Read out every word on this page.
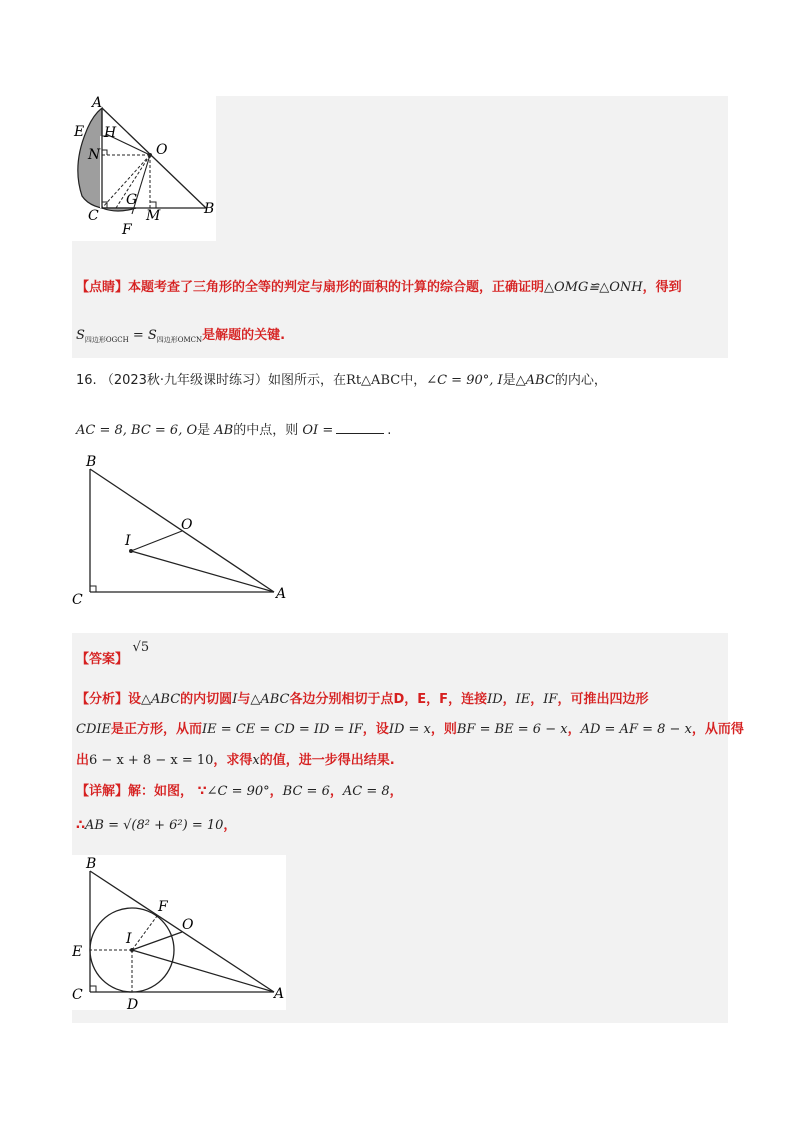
A
E H
N	O
G
C	M	B
F
【点睛】本题考查了三角形的全等的判定与扇形的面积的计算的综合题，正确证明△OMG≌△ONH，得到
$S_{四边形OGCH} = S_{四边形OMCN}$是解题的关键.
16. （2023秋·九年级课时练习）如图所示，在Rt△ABC中，∠C = 90°, I是△ABC的内心，
AC = 8, BC = 6, O是 AB的中点，则 OI =	.
B
O
I
C	A
【答案】 √5
【分析】设△ABC的内切圆I与△ABC各边分别相切于点D，E，F，连接ID，IE，IF，可推出四边形
CDIE是正方形，从而IE = CE = CD = ID = IF，设ID = x，则BF = BE = 6 − x，AD = AF = 8 − x，从而得
出6 − x + 8 − x = 10，求得x的值，进一步得出结果.
【详解】解：如图， ∵∠C = 90°，BC = 6，AC = 8，
∴AB = √(8² + 6²) = 10，
B
F
O
I
E
C
D
A
